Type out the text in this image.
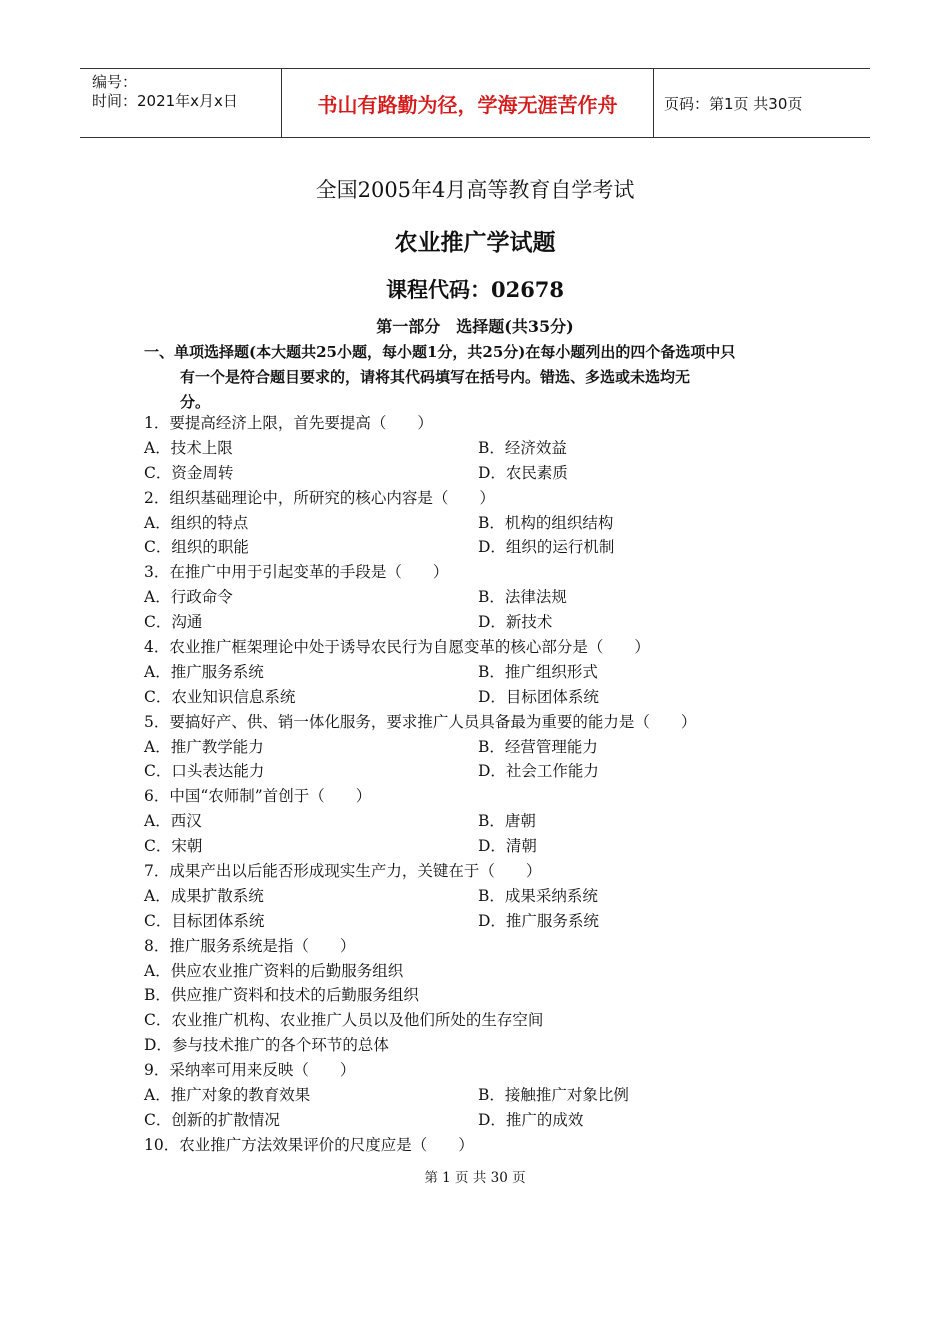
编号：
时间：2021年x月x日	书山有路勤为径，学海无涯苦作舟	页码：第1页 共30页
全国2005年4月高等教育自学考试
农业推广学试题
课程代码：02678
第一部分　选择题(共35分)
一、单项选择题(本大题共25小题，每小题1分，共25分)在每小题列出的四个备选项中只

有一个是符合题目要求的，请将其代码填写在括号内。错选、多选或未选均无
分。
1．要提高经济上限，首先要提高（　　）
A．技术上限	B．经济效益
C．资金周转	D．农民素质
2．组织基础理论中，所研究的核心内容是（　　）
A．组织的特点	B．机构的组织结构
C．组织的职能	D．组织的运行机制
3．在推广中用于引起变革的手段是（　　）
A．行政命令	B．法律法规
C．沟通	D．新技术
4．农业推广框架理论中处于诱导农民行为自愿变革的核心部分是（　　）
A．推广服务系统	B．推广组织形式
C．农业知识信息系统	D．目标团体系统
5．要搞好产、供、销一体化服务，要求推广人员具备最为重要的能力是（　　）
A．推广教学能力	B．经营管理能力
C．口头表达能力	D．社会工作能力
6．中国“农师制”首创于（　　）
A．西汉	B．唐朝
C．宋朝	D．清朝
7．成果产出以后能否形成现实生产力，关键在于（　　）
A．成果扩散系统	B．成果采纳系统
C．目标团体系统	D．推广服务系统
8．推广服务系统是指（　　）
A．供应农业推广资料的后勤服务组织
B．供应推广资料和技术的后勤服务组织
C．农业推广机构、农业推广人员以及他们所处的生存空间
D．参与技术推广的各个环节的总体
9．采纳率可用来反映（　　）
A．推广对象的教育效果	B．接触推广对象比例
C．创新的扩散情况	D．推广的成效
10．农业推广方法效果评价的尺度应是（　　）
第 1 页 共 30 页
